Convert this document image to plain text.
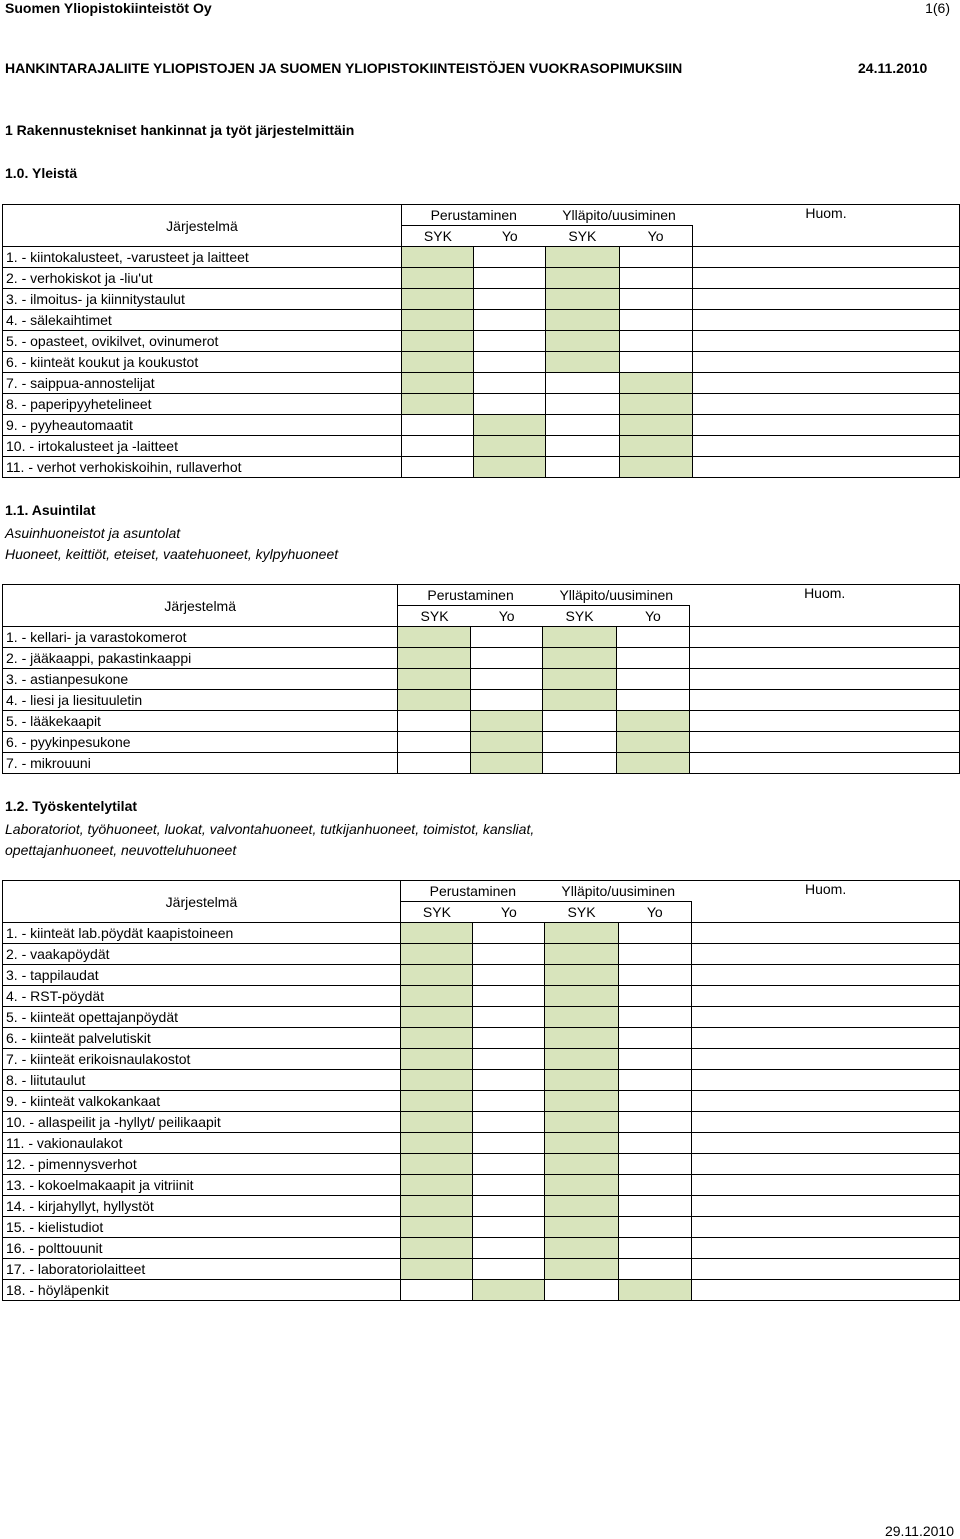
Suomen Yliopistokiinteistöt Oy	1(6)
HANKINTARAJALIITE YLIOPISTOJEN JA SUOMEN YLIOPISTOKIINTEISTÖJEN VUOKRASOPIMUKSIIN	24.11.2010
1 Rakennustekniset hankinnat ja työt järjestelmittäin
1.0. Yleistä
1.1. Asuintilat
Asuinhuoneistot ja asuntolat
Huoneet, keittiöt, eteiset, vaatehuoneet, kylpyhuoneet
1.2. Työskentelytilat
Laboratoriot, työhuoneet, luokat, valvontahuoneet, tutkijanhuoneet, toimistot, kansliat, opettajanhuoneet, neuvotteluhuoneet
Järjestelmä	Perustaminen		Ylläpito/uusiminen		Huom.
	SYK	Yo	SYK	Yo	
1. - kiintokalusteet, -varusteet ja laitteet					
2. - verhokiskot ja -liu'ut					
3. - ilmoitus- ja kiinnitystaulut					
4. - sälekaihtimet					
5. - opasteet, ovikilvet, ovinumerot					
6. - kiinteät koukut ja koukustot					
7. - saippua-annostelijat					
8. - paperipyyhetelineet					
9. - pyyheautomaatit					
10. - irtokalusteet ja -laitteet					
11. - verhot verhokiskoihin, rullaverhot					
Järjestelmä	Perustaminen		Ylläpito/uusiminen		Huom.
	SYK	Yo	SYK	Yo	
1. - kellari- ja varastokomerot					
2. - jääkaappi, pakastinkaappi					
3. - astianpesukone					
4. - liesi ja liesituuletin					
5. - lääkekaapit					
6. - pyykinpesukone					
7. - mikrouuni					
Järjestelmä	Perustaminen		Ylläpito/uusiminen		Huom.
	SYK	Yo	SYK	Yo	
1. - kiinteät lab.pöydät kaapistoineen					
2. - vaakapöydät					
3. - tappilaudat					
4. - RST-pöydät					
5. - kiinteät opettajanpöydät					
6. - kiinteät palvelutiskit					
7. - kiinteät erikoisnaulakostot					
8. - liitutaulut					
9. - kiinteät valkokankaat					
10. - allaspeilit ja -hyllyt/ peilikaapit					
11. - vakionaulakot					
12. - pimennysverhot					
13. - kokoelmakaapit ja vitriinit					
14. - kirjahyllyt, hyllystöt					
15. - kielistudiot					
16. - polttouunit					
17. - laboratoriolaitteet					
18. - höyläpenkit					
29.11.2010
